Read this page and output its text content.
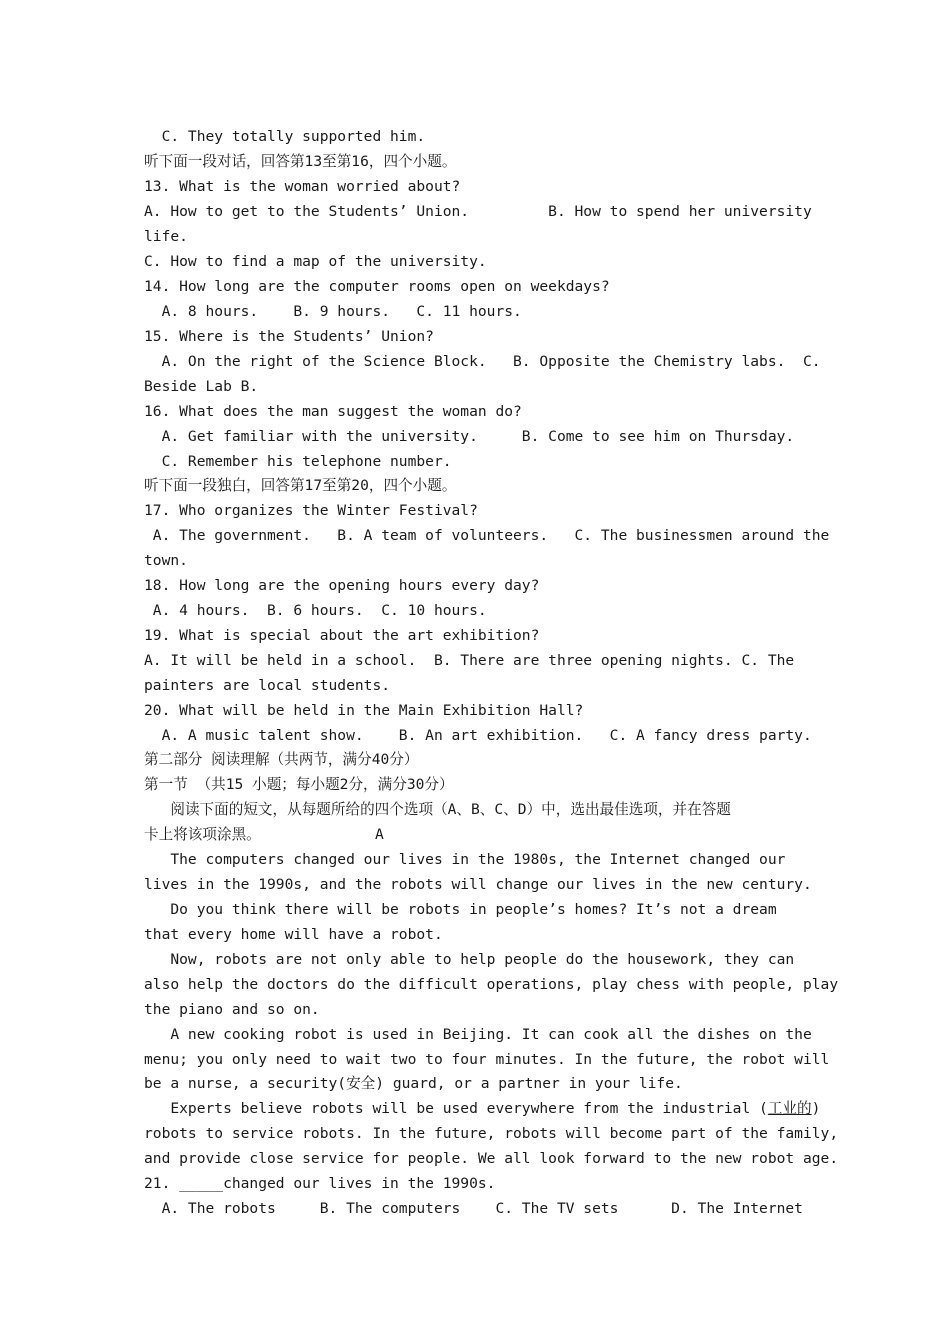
C. They totally supported him.

听下面一段对话，回答第13至第16，四个小题。

13. What is the woman worried about?

A. How to get to the Students’ Union.         B. How to spend her university

life.

C. How to find a map of the university.

14. How long are the computer rooms open on weekdays?

A. 8 hours.    B. 9 hours.   C. 11 hours.

15. Where is the Students’ Union?

A. On the right of the Science Block.   B. Opposite the Chemistry labs.  C.

Beside Lab B.

16. What does the man suggest the woman do?

A. Get familiar with the university.     B. Come to see him on Thursday.

C. Remember his telephone number.

听下面一段独白，回答第17至第20，四个小题。

17. Who organizes the Winter Festival?

A. The government.   B. A team of volunteers.   C. The businessmen around the

town.

18. How long are the opening hours every day?

A. 4 hours.  B. 6 hours.  C. 10 hours.

19. What is special about the art exhibition?

A. It will be held in a school.  B. There are three opening nights. C. The

painters are local students.

20. What will be held in the Main Exhibition Hall?

A. A music talent show.    B. An art exhibition.   C. A fancy dress party.

第二部分 阅读理解（共两节，满分40分）

第一节 （共15 小题；每小题2分，满分30分）

阅读下面的短文，从每题所给的四个选项（A、B、C、D）中，选出最佳选项，并在答题

卡上将该项涂黑。             A

The computers changed our lives in the 1980s, the Internet changed our

lives in the 1990s, and the robots will change our lives in the new century.

Do you think there will be robots in people’s homes? It’s not a dream

that every home will have a robot.

Now, robots are not only able to help people do the housework, they can

also help the doctors do the difficult operations, play chess with people, play

the piano and so on.

A new cooking robot is used in Beijing. It can cook all the dishes on the

menu; you only need to wait two to four minutes. In the future, the robot will

be a nurse, a security(安全) guard, or a partner in your life.

Experts believe robots will be used everywhere from the industrial (工业的)

robots to service robots. In the future, robots will become part of the family,

and provide close service for people. We all look forward to the new robot age.

21. _____changed our lives in the 1990s.

A. The robots     B. The computers    C. The TV sets      D. The Internet
